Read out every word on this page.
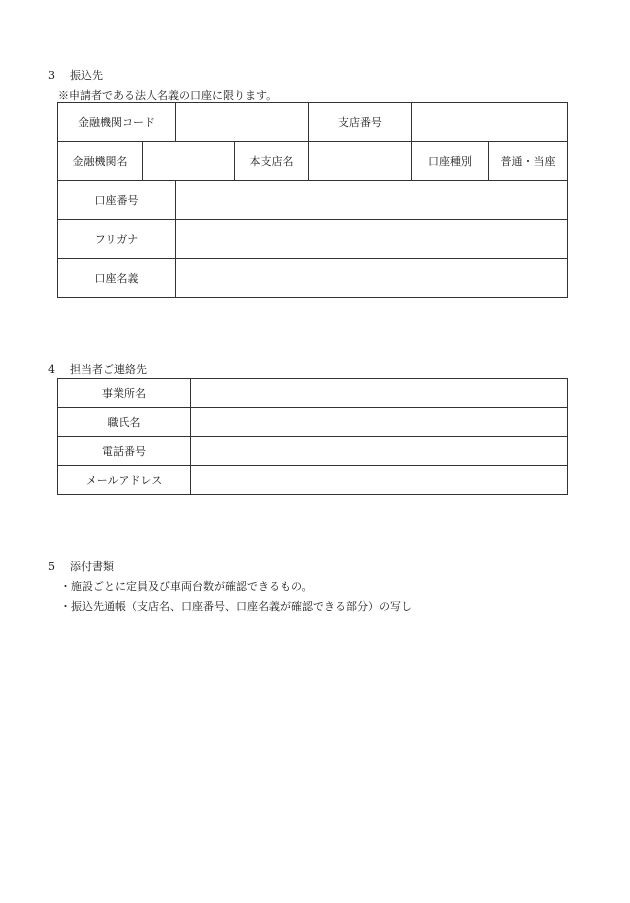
3 振込先
※申請者である法人名義の口座に限ります。
金融機関コード				支店番号		
金融機関名			本支店名		口座種別	普通・当座
口座番号						
フリガナ						
口座名義						
4 担当者ご連絡先
事業所名	
職氏名	
電話番号	
メールアドレス	
5 添付書類
・施設ごとに定員及び車両台数が確認できるもの。
・振込先通帳（支店名、口座番号、口座名義が確認できる部分）の写し
